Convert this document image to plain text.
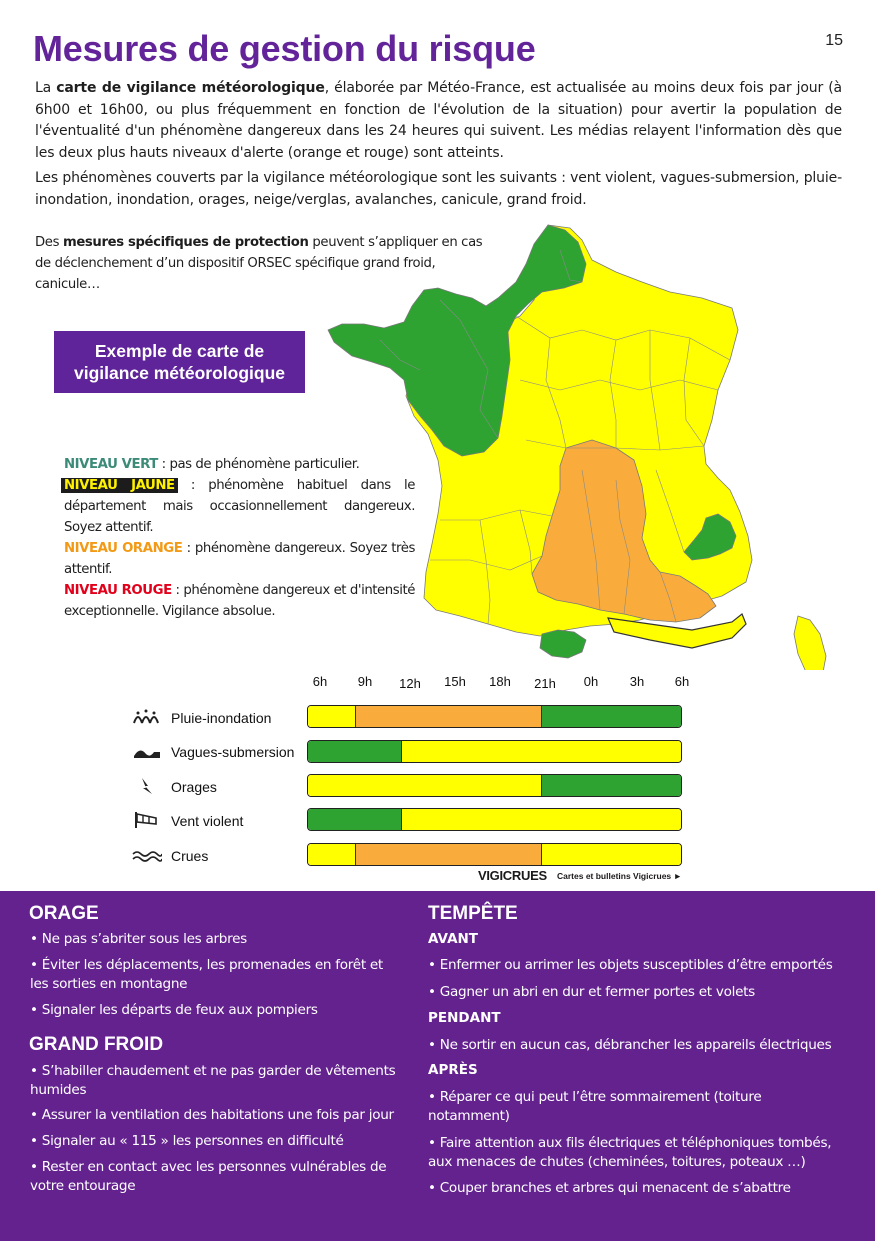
15
Mesures de gestion du risque
La carte de vigilance météorologique, élaborée par Météo-France, est actualisée au moins deux fois par jour (à 6h00 et 16h00, ou plus fréquemment en fonction de l'évolution de la situation) pour avertir la population de l'éventualité d'un phénomène dangereux dans les 24 heures qui suivent. Les médias relayent l'information dès que les deux plus hauts niveaux d'alerte (orange et rouge) sont atteints.
Les phénomènes couverts par la vigilance météorologique sont les suivants : vent violent, vagues-submersion, pluie-inondation, inondation, orages, neige/verglas, avalanches, canicule, grand froid.
Des mesures spécifiques de protection peuvent s’appliquer en cas de déclenchement d’un dispositif ORSEC spécifique grand froid, canicule…
Exemple de carte de
vigilance météorologique
NIVEAU VERT : pas de phénomène particulier.
NIVEAU JAUNE : phénomène habituel dans le département mais occasionnellement dangereux. Soyez attentif.
NIVEAU ORANGE : phénomène dangereux. Soyez très attentif.
NIVEAU ROUGE : phénomène dangereux et d'intensité exceptionnelle. Vigilance absolue.
6h	9h	12h	15h	18h	21h	0h	3h	6h
Pluie-inondation
Vagues-submersion
Orages
Vent violent
Crues
VIGICRUES Cartes et bulletins Vigicrues ►
ORAGE
• Ne pas s’abriter sous les arbres
• Éviter les déplacements, les promenades en forêt et les sorties en montagne
• Signaler les départs de feux aux pompiers
GRAND FROID
• S’habiller chaudement et ne pas garder de vêtements humides
• Assurer la ventilation des habitations une fois par jour
• Signaler au « 115 » les personnes en difficulté
• Rester en contact avec les personnes vulnérables de votre entourage
TEMPÊTE
AVANT
• Enfermer ou arrimer les objets susceptibles d’être emportés
• Gagner un abri en dur et fermer portes et volets
PENDANT
• Ne sortir en aucun cas, débrancher les appareils électriques
APRÈS
• Réparer ce qui peut l’être sommairement (toiture notamment)
• Faire attention aux fils électriques et téléphoniques tombés, aux menaces de chutes (cheminées, toitures, poteaux …)
• Couper branches et arbres qui menacent de s’abattre
